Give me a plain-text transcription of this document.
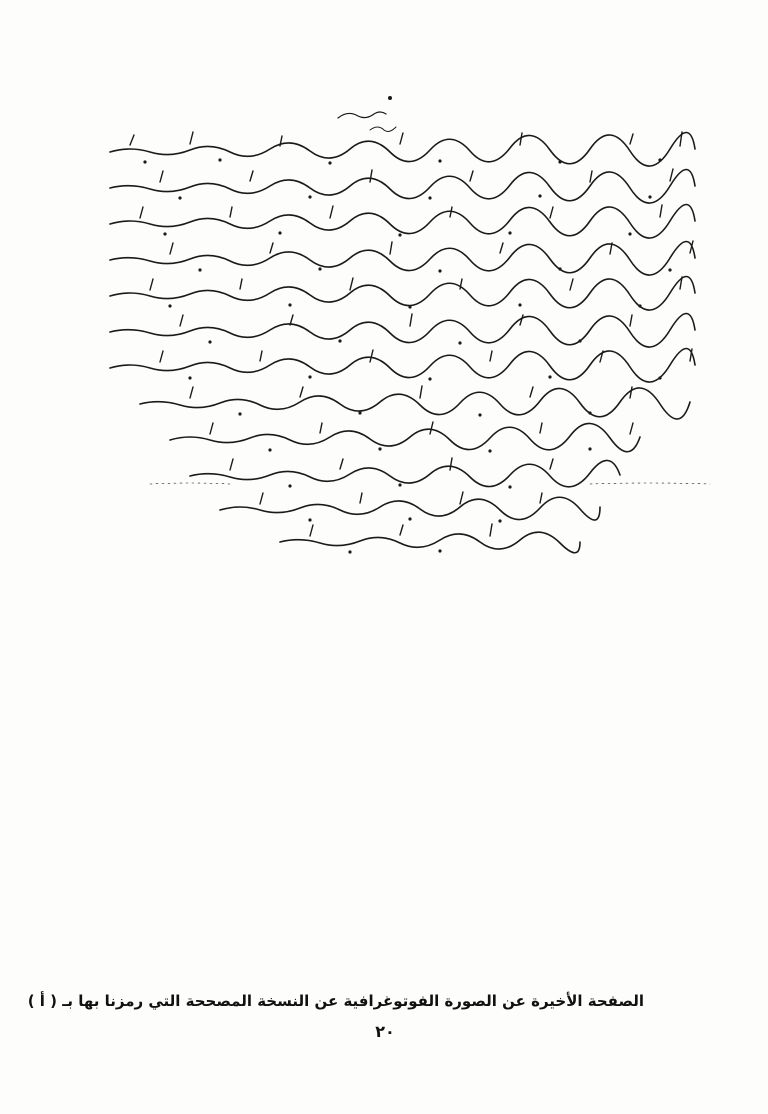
الصفحة الأخيرة عن الصورة الفوتوغرافية عن النسخة المصححة التي رمزنا بها بـ ( أ )
٢٠
